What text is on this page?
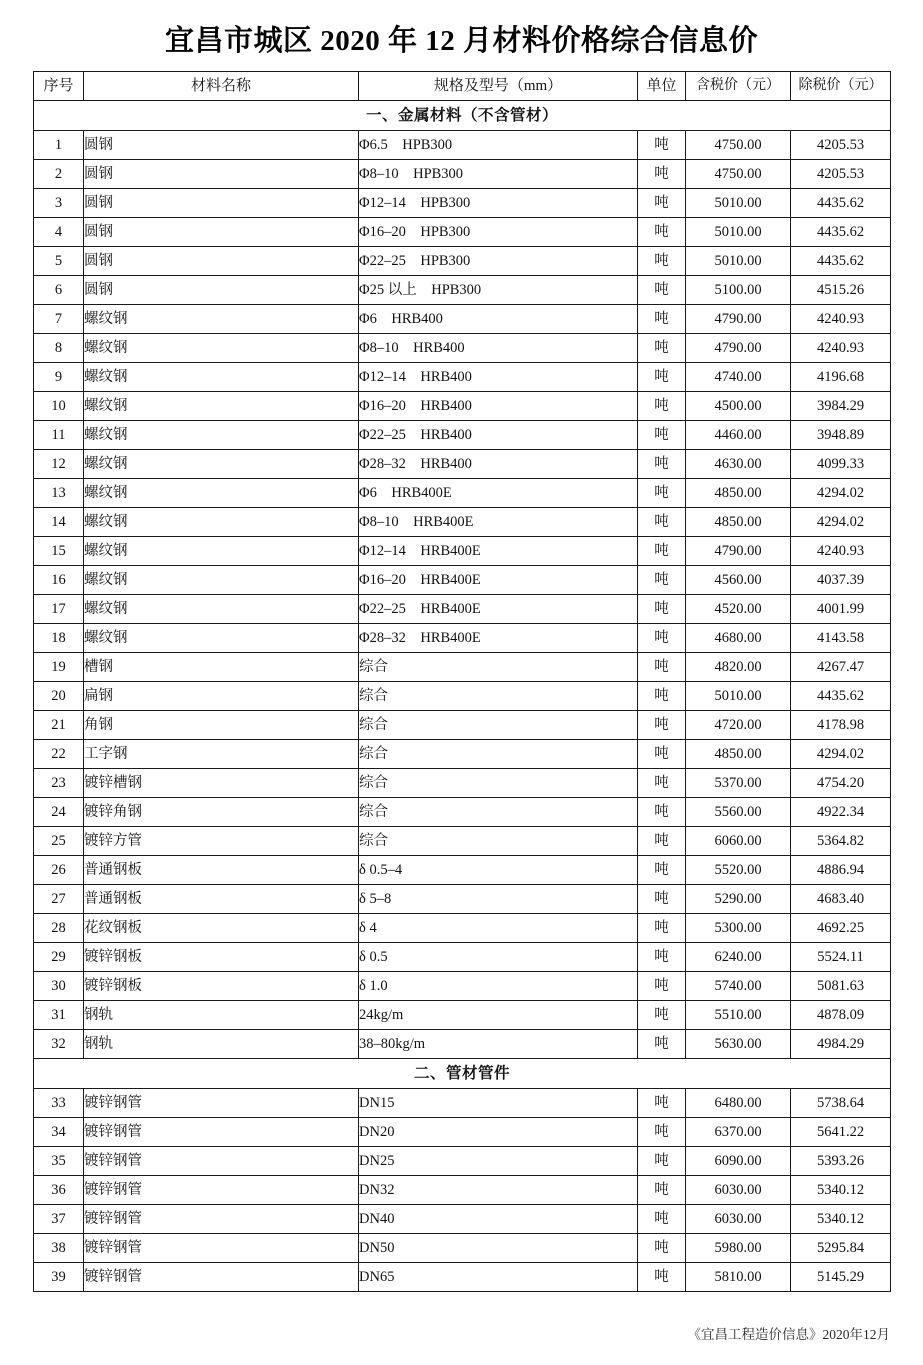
宜昌市城区 2020 年 12 月材料价格综合信息价
序号	材料名称	规格及型号（mm）	单位	含税价（元）	除税价（元）
一、金属材料（不含管材）					
1	圆钢	Φ6.5　HPB300	吨	4750.00	4205.53
2	圆钢	Φ8–10　HPB300	吨	4750.00	4205.53
3	圆钢	Φ12–14　HPB300	吨	5010.00	4435.62
4	圆钢	Φ16–20　HPB300	吨	5010.00	4435.62
5	圆钢	Φ22–25　HPB300	吨	5010.00	4435.62
6	圆钢	Φ25 以上　HPB300	吨	5100.00	4515.26
7	螺纹钢	Φ6　HRB400	吨	4790.00	4240.93
8	螺纹钢	Φ8–10　HRB400	吨	4790.00	4240.93
9	螺纹钢	Φ12–14　HRB400	吨	4740.00	4196.68
10	螺纹钢	Φ16–20　HRB400	吨	4500.00	3984.29
11	螺纹钢	Φ22–25　HRB400	吨	4460.00	3948.89
12	螺纹钢	Φ28–32　HRB400	吨	4630.00	4099.33
13	螺纹钢	Φ6　HRB400E	吨	4850.00	4294.02
14	螺纹钢	Φ8–10　HRB400E	吨	4850.00	4294.02
15	螺纹钢	Φ12–14　HRB400E	吨	4790.00	4240.93
16	螺纹钢	Φ16–20　HRB400E	吨	4560.00	4037.39
17	螺纹钢	Φ22–25　HRB400E	吨	4520.00	4001.99
18	螺纹钢	Φ28–32　HRB400E	吨	4680.00	4143.58
19	槽钢	综合	吨	4820.00	4267.47
20	扁钢	综合	吨	5010.00	4435.62
21	角钢	综合	吨	4720.00	4178.98
22	工字钢	综合	吨	4850.00	4294.02
23	镀锌槽钢	综合	吨	5370.00	4754.20
24	镀锌角钢	综合	吨	5560.00	4922.34
25	镀锌方管	综合	吨	6060.00	5364.82
26	普通钢板	δ 0.5–4	吨	5520.00	4886.94
27	普通钢板	δ 5–8	吨	5290.00	4683.40
28	花纹钢板	δ 4	吨	5300.00	4692.25
29	镀锌钢板	δ 0.5	吨	6240.00	5524.11
30	镀锌钢板	δ 1.0	吨	5740.00	5081.63
31	钢轨	24kg/m	吨	5510.00	4878.09
32	钢轨	38–80kg/m	吨	5630.00	4984.29
二、管材管件					
33	镀锌钢管	DN15	吨	6480.00	5738.64
34	镀锌钢管	DN20	吨	6370.00	5641.22
35	镀锌钢管	DN25	吨	6090.00	5393.26
36	镀锌钢管	DN32	吨	6030.00	5340.12
37	镀锌钢管	DN40	吨	6030.00	5340.12
38	镀锌钢管	DN50	吨	5980.00	5295.84
39	镀锌钢管	DN65	吨	5810.00	5145.29
《宜昌工程造价信息》2020年12月
